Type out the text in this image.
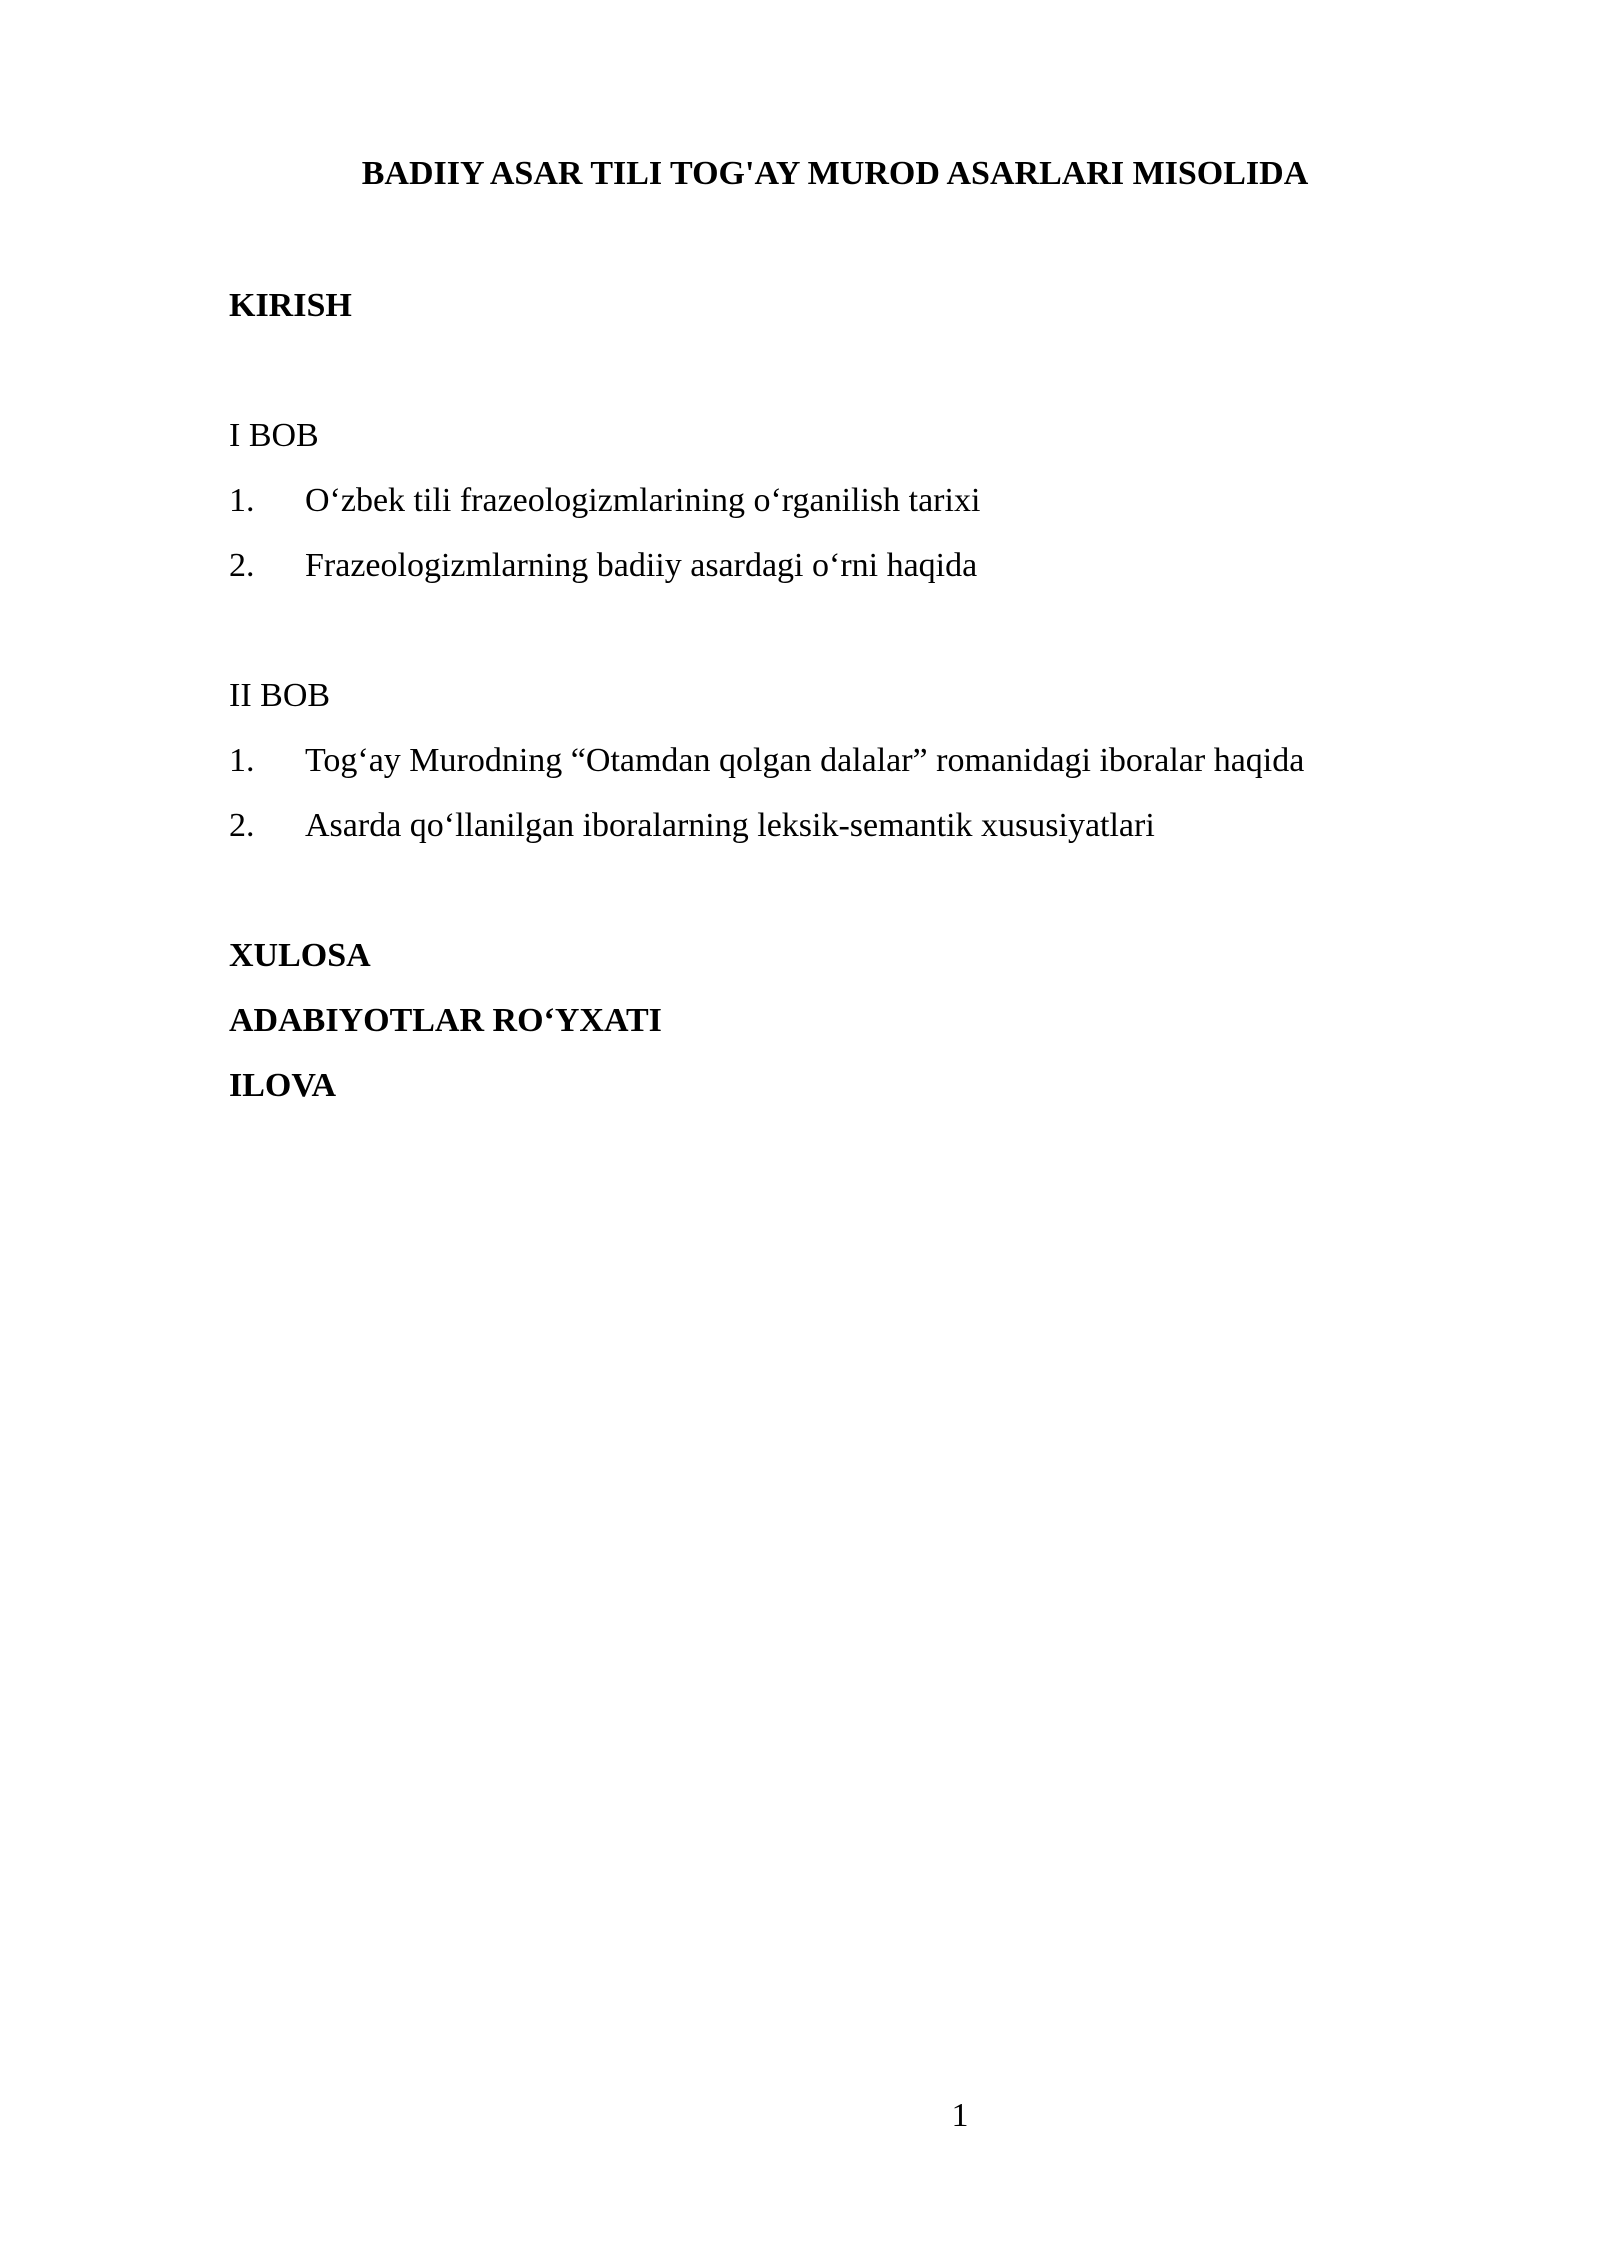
BADIIY ASAR TILI TOG'AY MUROD ASARLARI MISOLIDA
KIRISH
I BOB
1. O‘zbek tili frazeologizmlarining o‘rganilish tarixi
2. Frazeologizmlarning badiiy asardagi o‘rni haqida
II BOB
1. Tog‘ay Murodning “Otamdan qolgan dalalar” romanidagi iboralar haqida
2. Asarda qo‘llanilgan iboralarning leksik-semantik xususiyatlari
XULOSA
ADABIYOTLAR RO‘YXATI
ILOVA
1
